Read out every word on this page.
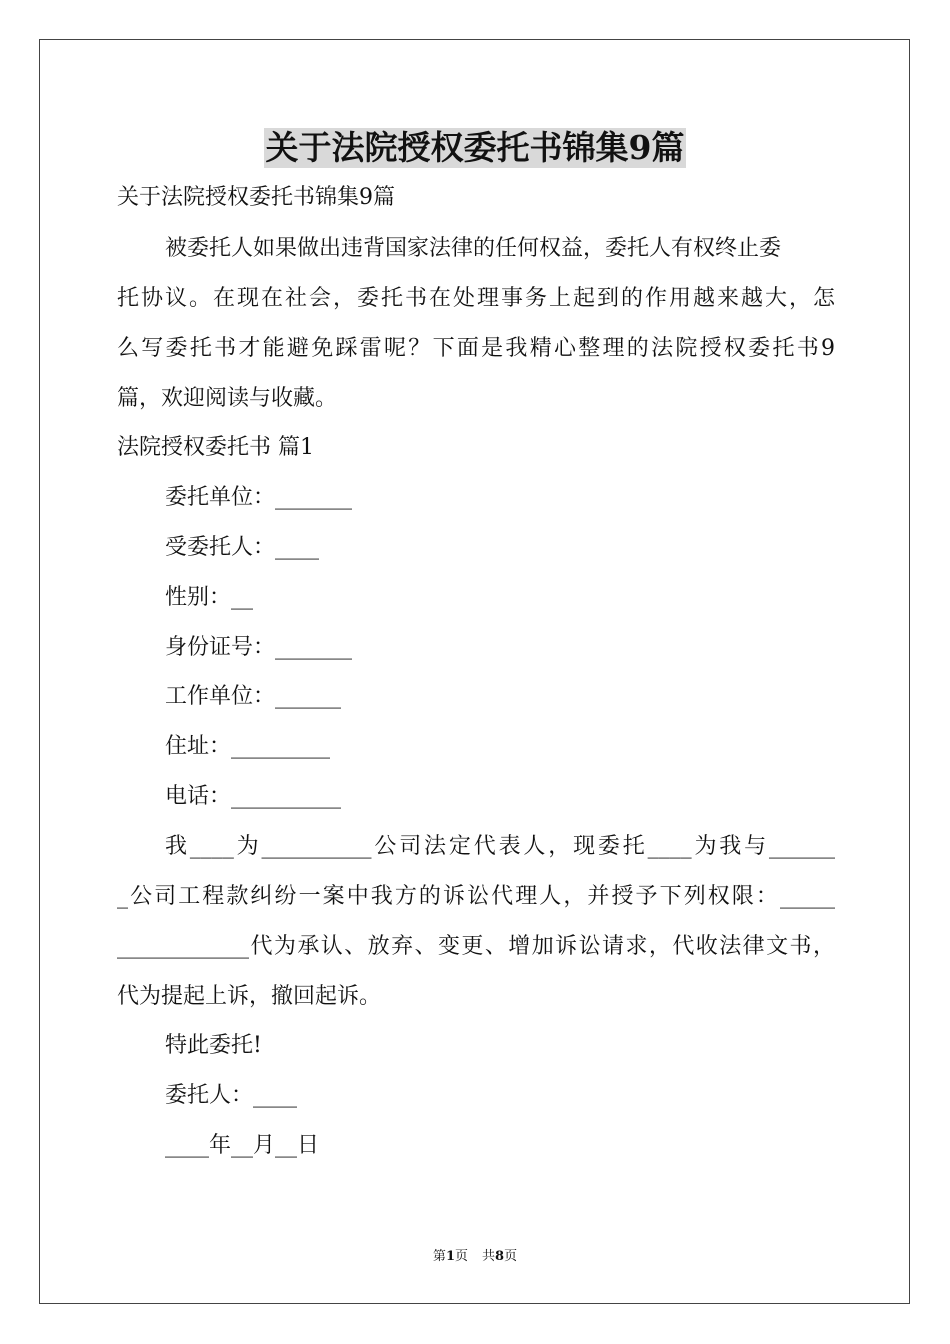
关于法院授权委托书锦集9篇
关于法院授权委托书锦集9篇
被委托人如果做出违背国家法律的任何权益，委托人有权终止委
托协议。在现在社会，委托书在处理事务上起到的作用越来越大，怎
么写委托书才能避免踩雷呢？下面是我精心整理的法院授权委托书9
篇，欢迎阅读与收藏。
法院授权委托书 篇1
委托单位：_______
受委托人：____
性别：__
身份证号：_______
工作单位：______
住址：_________
电话：__________
我____为__________公司法定代表人，现委托____为我与______
_公司工程款纠纷一案中我方的诉讼代理人，并授予下列权限：_____
____________代为承认、放弃、变更、增加诉讼请求，代收法律文书，
代为提起上诉，撤回起诉。
特此委托!
委托人：____
____年__月__日
第1页 共8页
